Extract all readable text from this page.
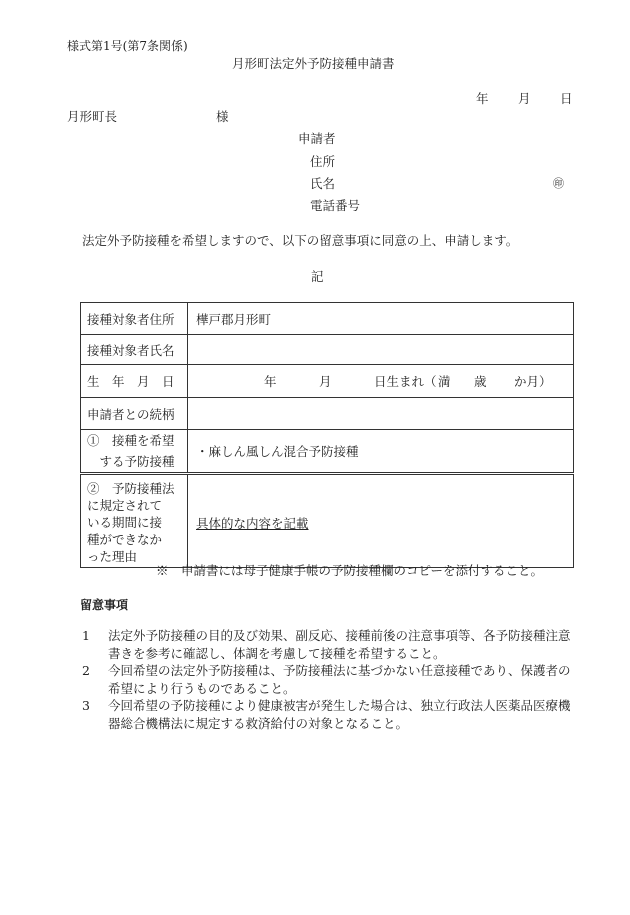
様式第1号(第7条関係)
月形町法定外予防接種申請書
年 月 日
月形町長	様
申請者
住所
氏名	㊞
電話番号
法定外予防接種を希望しますので、以下の留意事項に同意の上、申請します。
記
接種対象者住所	樺戸郡月形町
接種対象者氏名	
生　年　月　日	年 月 日生まれ（満 歳 か月）
申請者との続柄	

①　接種を希望
　する予防接種	・麻しん風しん混合予防接種

②　予防接種法
に規定されて
いる期間に接
種ができなか
った理由	具体的な内容を記載
※　申請書には母子健康手帳の予防接種欄のコピーを添付すること。
留意事項
1	法定外予防接種の目的及び効果、副反応、接種前後の注意事項等、各予防接種注意書きを参考に確認し、体調を考慮して接種を希望すること。
2	今回希望の法定外予防接種は、予防接種法に基づかない任意接種であり、保護者の希望により行うものであること。
3	今回希望の予防接種により健康被害が発生した場合は、独立行政法人医薬品医療機器総合機構法に規定する救済給付の対象となること。
